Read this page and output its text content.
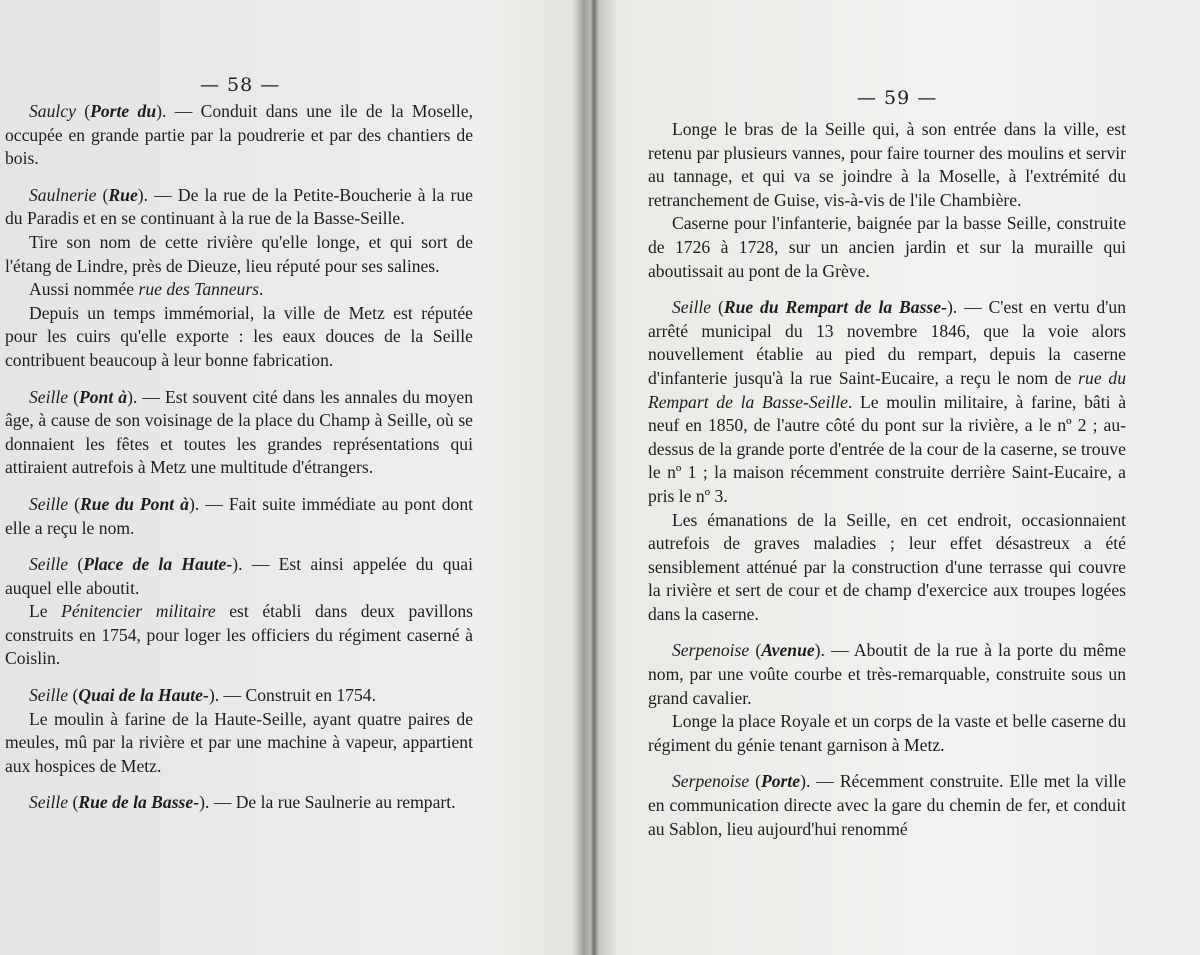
— 58 —

Saulcy (Porte du). — Conduit dans une ile de la Moselle, occupée en grande partie par la poudrerie et par des chantiers de bois.

Saulnerie (Rue). — De la rue de la Petite-Boucherie à la rue du Paradis et en se continuant à la rue de la Basse-Seille.

Tire son nom de cette rivière qu'elle longe, et qui sort de l'étang de Lindre, près de Dieuze, lieu réputé pour ses salines.

Aussi nommée rue des Tanneurs.

Depuis un temps immémorial, la ville de Metz est réputée pour les cuirs qu'elle exporte : les eaux douces de la Seille contribuent beaucoup à leur bonne fabrication.

Seille (Pont à). — Est souvent cité dans les annales du moyen âge, à cause de son voisinage de la place du Champ à Seille, où se donnaient les fêtes et toutes les grandes représentations qui attiraient autrefois à Metz une multitude d'étrangers.

Seille (Rue du Pont à). — Fait suite immédiate au pont dont elle a reçu le nom.

Seille (Place de la Haute-). — Est ainsi appelée du quai auquel elle aboutit.

Le Pénitencier militaire est établi dans deux pavillons construits en 1754, pour loger les officiers du régiment caserné à Coislin.

Seille (Quai de la Haute-). — Construit en 1754.

Le moulin à farine de la Haute-Seille, ayant quatre paires de meules, mû par la rivière et par une machine à vapeur, appartient aux hospices de Metz.

Seille (Rue de la Basse-). — De la rue Saulnerie au rempart.

— 59 —

Longe le bras de la Seille qui, à son entrée dans la ville, est retenu par plusieurs vannes, pour faire tourner des moulins et servir au tannage, et qui va se joindre à la Moselle, à l'extrémité du retranchement de Guise, vis-à-vis de l'ile Chambière.

Caserne pour l'infanterie, baignée par la basse Seille, construite de 1726 à 1728, sur un ancien jardin et sur la muraille qui aboutissait au pont de la Grève.

Seille (Rue du Rempart de la Basse-). — C'est en vertu d'un arrêté municipal du 13 novembre 1846, que la voie alors nouvellement établie au pied du rempart, depuis la caserne d'infanterie jusqu'à la rue Saint-Eucaire, a reçu le nom de rue du Rempart de la Basse-Seille. Le moulin militaire, à farine, bâti à neuf en 1850, de l'autre côté du pont sur la rivière, a le nº 2 ; au-dessus de la grande porte d'entrée de la cour de la caserne, se trouve le nº 1 ; la maison récemment construite derrière Saint-Eucaire, a pris le nº 3.

Les émanations de la Seille, en cet endroit, occasionnaient autrefois de graves maladies ; leur effet désastreux a été sensiblement atténué par la construction d'une terrasse qui couvre la rivière et sert de cour et de champ d'exercice aux troupes logées dans la caserne.

Serpenoise (Avenue). — Aboutit de la rue à la porte du même nom, par une voûte courbe et très-remarquable, construite sous un grand cavalier.

Longe la place Royale et un corps de la vaste et belle caserne du régiment du génie tenant garnison à Metz.

Serpenoise (Porte). — Récemment construite. Elle met la ville en communication directe avec la gare du chemin de fer, et conduit au Sablon, lieu aujourd'hui renommé
